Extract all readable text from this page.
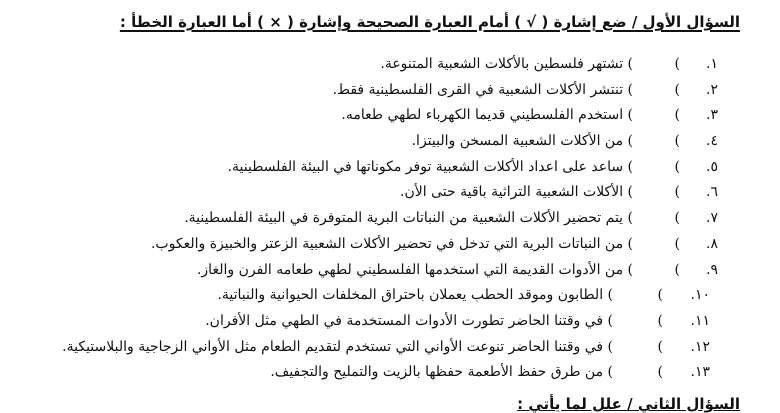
السؤال الأول / ضع إشارة ( √ ) أمام العبارة الصحيحة وإشارة ( × ) أما العبارة الخطأ :
.١
(
) تشتهر فلسطين بالأكلات الشعبية المتنوعة.
.٢
(
) تنتشر الأكلات الشعبية في القرى الفلسطينية فقط.
.٣
(
) استخدم الفلسطيني قديما الكهرباء لطهي طعامه.
.٤
(
) من الأكلات الشعبية المسخن والبيتزا.
.٥
(
) ساعد على اعداد الأكلات الشعبية توفر مكوناتها في البيئة الفلسطينية.
.٦
(
) الأكلات الشعبية التراثية باقية حتى الأن.
.٧
(
) يتم تحضير الأكلات الشعبية من النباتات البرية المتوفرة في البيئة الفلسطينية.
.٨
(
) من النباتات البرية التي تدخل في تحضير الأكلات الشعبية الزعتر والخبيزة والعكوب.
.٩
(
) من الأدوات القديمة التي استخدمها الفلسطيني لطهي طعامه الفرن والغاز.
.١٠
(
) الطابون وموقد الحطب يعملان باحتراق المخلفات الحيوانية والنباتية.
.١١
(
) في وقتنا الحاضر تطورت الأدوات المستخدمة في الطهي مثل الأفران.
.١٢
(
) في وقتنا الحاضر تنوعت الأواني التي تستخدم لتقديم الطعام مثل الأواني الزجاجية والبلاستيكية.
.١٣
(
) من طرق حفظ الأطعمة حفظها بالزيت والتمليح والتجفيف.
السؤال الثاني / علل لما يأتي :
